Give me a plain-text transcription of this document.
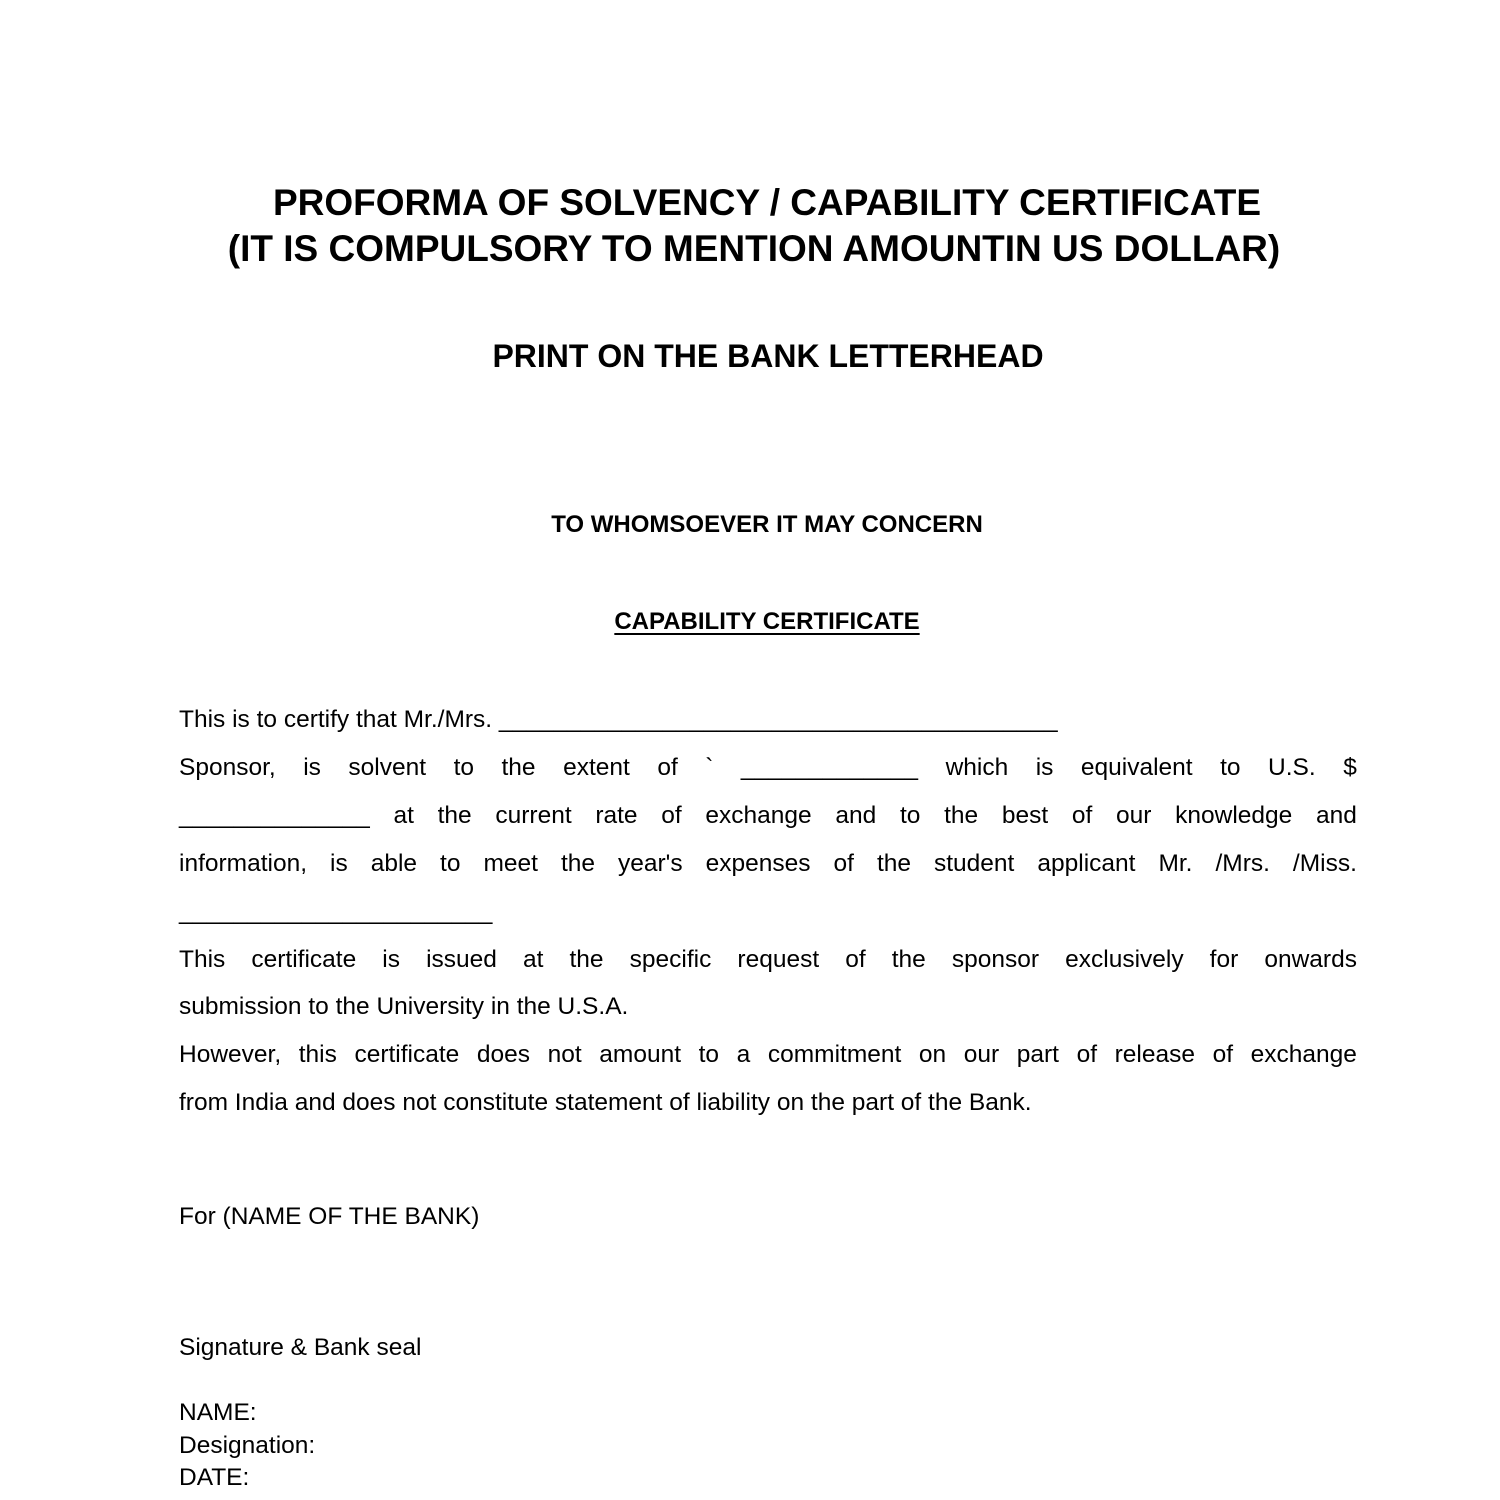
PROFORMA OF SOLVENCY / CAPABILITY CERTIFICATE
(IT IS COMPULSORY TO MENTION AMOUNTIN US DOLLAR)
PRINT ON THE BANK LETTERHEAD
TO WHOMSOEVER IT MAY CONCERN
CAPABILITY CERTIFICATE
This is to certify that Mr./Mrs. _________________________________________
Sponsor, is solvent to the extent of ` _____________ which is equivalent to U.S. $
______________ at the current rate of exchange and to the best of our knowledge and
information, is able to meet the year's expenses of the student applicant Mr. /Mrs. /Miss.
_______________________
This certificate is issued at the specific request of the sponsor exclusively for onwards
submission to the University in the U.S.A.
However, this certificate does not amount to a commitment on our part of release of exchange
from India and does not constitute statement of liability on the part of the Bank.
For (NAME OF THE BANK)
Signature & Bank seal
NAME:
Designation:
DATE:
